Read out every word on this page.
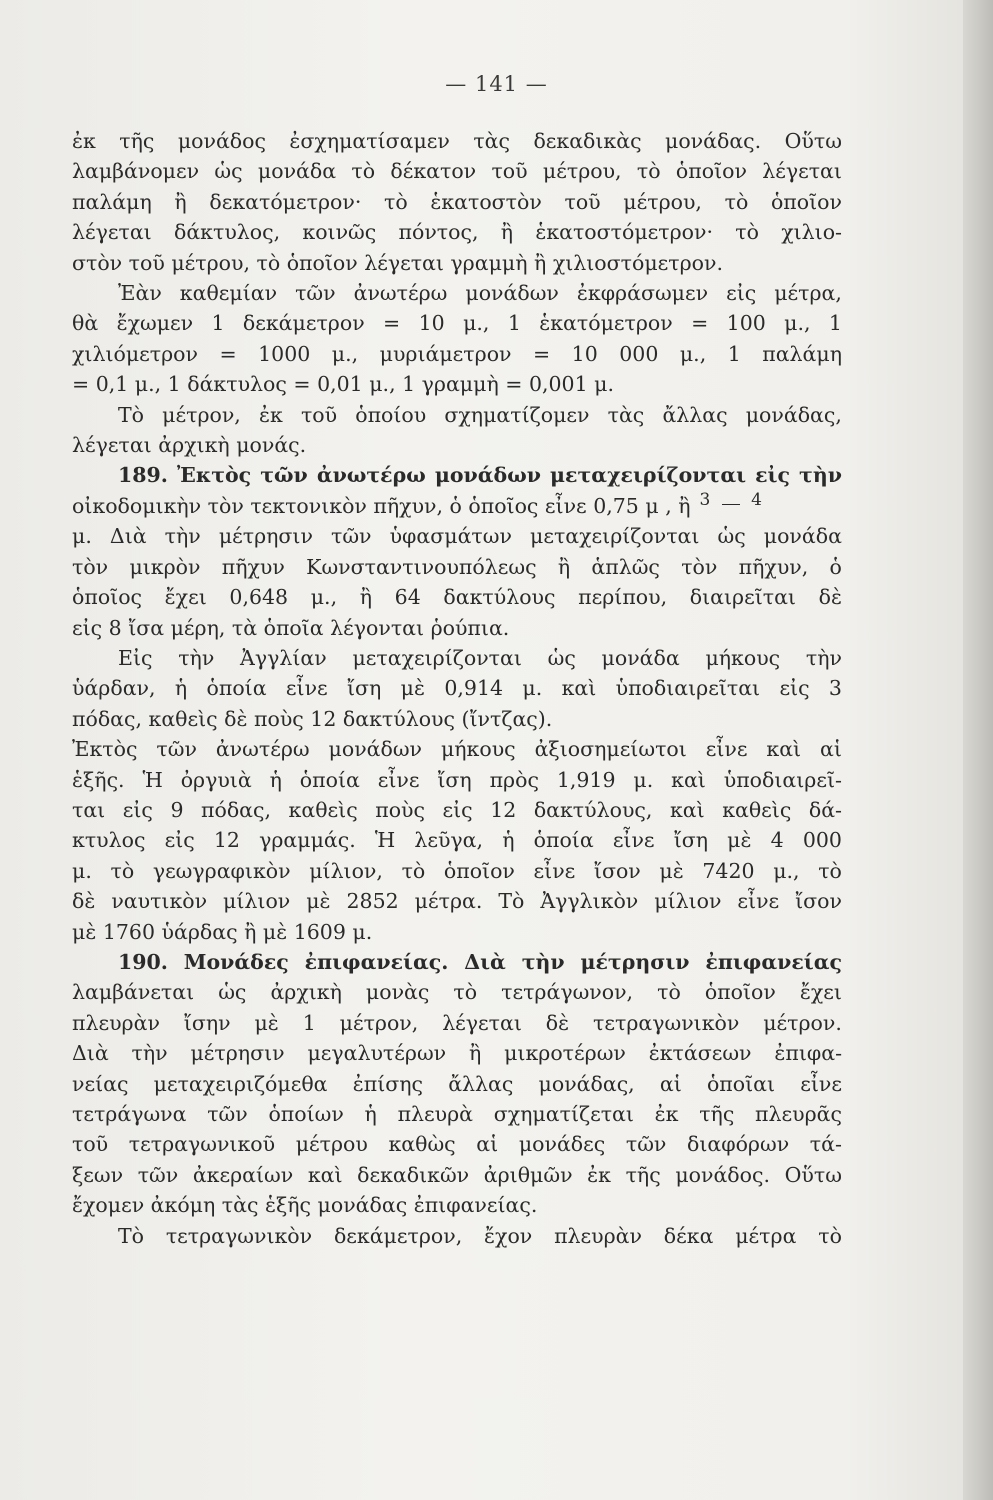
— 141 —
ἐκ τῆς μονάδος ἐσχηματίσαμεν τὰς δεκαδικὰς μονάδας. Οὕτω
λαμβάνομεν ὡς μονάδα τὸ δέκατον τοῦ μέτρου, τὸ ὁποῖον λέγεται
παλάμη ἢ δεκατόμετρον· τὸ ἑκατοστὸν τοῦ μέτρου, τὸ ὁποῖον
λέγεται δάκτυλος, κοινῶς πόντος, ἢ ἑκατοστόμετρον· τὸ χιλιο-
στὸν τοῦ μέτρου, τὸ ὁποῖον λέγεται γραμμὴ ἢ χιλιοστόμετρον.
Ἐὰν καθεμίαν τῶν ἀνωτέρω μονάδων ἐκφράσωμεν εἰς μέτρα,
θὰ ἔχωμεν 1 δεκάμετρον = 10 μ., 1 ἑκατόμετρον = 100 μ., 1
χιλιόμετρον = 1000 μ., μυριάμετρον = 10 000 μ., 1 παλάμη
= 0,1 μ., 1 δάκτυλος = 0,01 μ., 1 γραμμὴ = 0,001 μ.
Τὸ μέτρον, ἐκ τοῦ ὁποίου σχηματίζομεν τὰς ἄλλας μονάδας,
λέγεται ἀρχικὴ μονάς.
189. Ἐκτὸς τῶν ἀνωτέρω μονάδων μεταχειρίζονται εἰς τὴν
οἰκοδομικὴν τὸν τεκτονικὸν πῆχυν, ὁ ὁποῖος εἶνε 0,75 μ , ἢ 3 4
μ. Διὰ τὴν μέτρησιν τῶν ὑφασμάτων μεταχειρίζονται ὡς μονάδα
τὸν μικρὸν πῆχυν Κωνσταντινουπόλεως ἢ ἁπλῶς τὸν πῆχυν, ὁ
ὁποῖος ἔχει 0,648 μ., ἢ 64 δακτύλους περίπου, διαιρεῖται δὲ
εἰς 8 ἴσα μέρη, τὰ ὁποῖα λέγονται ῥούπια.
Εἰς τὴν Ἀγγλίαν μεταχειρίζονται ὡς μονάδα μήκους τὴν
ὑάρδαν, ἡ ὁποία εἶνε ἴση μὲ 0,914 μ. καὶ ὑποδιαιρεῖται εἰς 3
πόδας, καθεὶς δὲ ποὺς 12 δακτύλους (ἴντζας).
Ἐκτὸς τῶν ἀνωτέρω μονάδων μήκους ἀξιοσημείωτοι εἶνε καὶ αἱ
ἑξῆς. Ἡ ὀργυιὰ ἡ ὁποία εἶνε ἴση πρὸς 1,919 μ. καὶ ὑποδιαιρεῖ-
ται εἰς 9 πόδας, καθεὶς ποὺς εἰς 12 δακτύλους, καὶ καθεὶς δά-
κτυλος εἰς 12 γραμμάς. Ἡ λεῦγα, ἡ ὁποία εἶνε ἴση μὲ 4 000
μ. τὸ γεωγραφικὸν μίλιον, τὸ ὁποῖον εἶνε ἴσον μὲ 7420 μ., τὸ
δὲ ναυτικὸν μίλιον μὲ 2852 μέτρα. Τὸ Ἀγγλικὸν μίλιον εἶνε ἴσον
μὲ 1760 ὑάρδας ἢ μὲ 1609 μ.
190. Μονάδες ἐπιφανείας. Διὰ τὴν μέτρησιν ἐπιφανείας
λαμβάνεται ὡς ἀρχικὴ μονὰς τὸ τετράγωνον, τὸ ὁποῖον ἔχει
πλευρὰν ἴσην μὲ 1 μέτρον, λέγεται δὲ τετραγωνικὸν μέτρον.
Διὰ τὴν μέτρησιν μεγαλυτέρων ἢ μικροτέρων ἐκτάσεων ἐπιφα-
νείας μεταχειριζόμεθα ἐπίσης ἄλλας μονάδας, αἱ ὁποῖαι εἶνε
τετράγωνα τῶν ὁποίων ἡ πλευρὰ σχηματίζεται ἐκ τῆς πλευρᾶς
τοῦ τετραγωνικοῦ μέτρου καθὼς αἱ μονάδες τῶν διαφόρων τά-
ξεων τῶν ἀκεραίων καὶ δεκαδικῶν ἀριθμῶν ἐκ τῆς μονάδος. Οὕτω
ἔχομεν ἀκόμη τὰς ἑξῆς μονάδας ἐπιφανείας.
Τὸ τετραγωνικὸν δεκάμετρον, ἔχον πλευρὰν δέκα μέτρα τὸ
